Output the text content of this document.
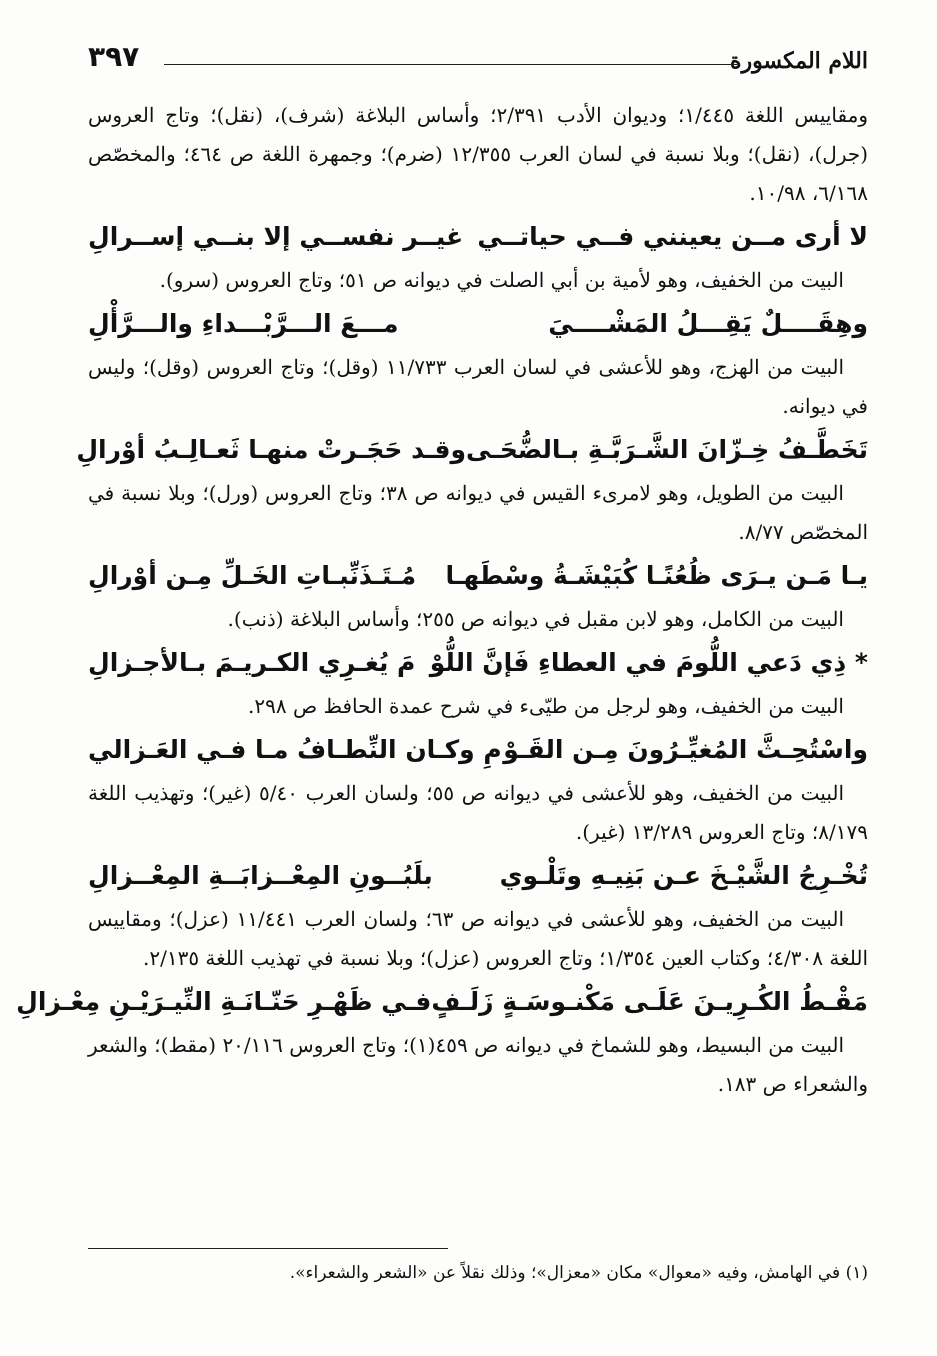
اللام المكسورة
٣٩٧

ومقاييس اللغة ١/٤٤٥؛ وديوان الأدب ٢/٣٩١؛ وأساس البلاغة (شرف)، (نقل)؛ وتاج العروس (جرل)، (نقل)؛ وبلا نسبة في لسان العرب ١٢/٣٥٥ (ضرم)؛ وجمهرة اللغة ص ٤٦٤؛ والمخصّص ٦/١٦٨، ١٠/٩٨.

لا أرى مــن يعينني فــي حياتــي
غيــر نفســي إلا بنــي إســرالِ

البيت من الخفيف، وهو لأمية بن أبي الصلت في ديوانه ص ٥١؛ وتاج العروس (سرو).

وهِقَــــلٌ يَقِـــلُ المَشْــــيَ
مـــعَ الـــرَّبْـــداءِ والـــرَّأْلِ

البيت من الهزج، وهو للأعشى في لسان العرب ١١/٧٣٣ (وقل)؛ وتاج العروس (وقل)؛ وليس في ديوانه.

تَخَطَّـفُ خِـزّانَ الشَّـرَبَّـةِ بـالضُّحَـى
وقـد حَجَـرتْ منهـا ثَعـالِـبُ أوْرالِ

البيت من الطويل، وهو لامرىء القيس في ديوانه ص ٣٨؛ وتاج العروس (ورل)؛ وبلا نسبة في المخصّص ٨/٧٧.

يـا مَـن يـرَى ظُعُنًـا كُبَيْشَـةُ وسْطَهـا
مُـتَـذَنِّبـاتِ الخَـلِّ مِـن أوْرالِ

البيت من الكامل، وهو لابن مقبل في ديوانه ص ٢٥٥؛ وأساس البلاغة (ذنب).

* ذِي دَعي اللُّومَ في العطاءِ فَإنَّ اللُّوْ
مَ يُغـرِي الكـريـمَ بـالأجـزالِ

البيت من الخفيف، وهو لرجل من طيّىء في شرح عمدة الحافظ ص ٢٩٨.

واسْتُحِـثَّ المُغيِّـرُونَ مِـن القَـوْ
مِ وكـان النِّطـافُ مـا فـي العَـزالي

البيت من الخفيف، وهو للأعشى في ديوانه ص ٥٥؛ ولسان العرب ٥/٤٠ (غير)؛ وتهذيب اللغة ٨/١٧٩؛ وتاج العروس ١٣/٢٨٩ (غير).

تُخْـرِجُ الشَّيْـخَ عـن بَنِيـهِ وتَلْـوي
بلَبُــونِ المِعْــزابَــةِ المِعْــزالِ

البيت من الخفيف، وهو للأعشى في ديوانه ص ٦٣؛ ولسان العرب ١١/٤٤١ (عزل)؛ ومقاييس اللغة ٤/٣٠٨؛ وكتاب العين ١/٣٥٤؛ وتاج العروس (عزل)؛ وبلا نسبة في تهذيب اللغة ٢/١٣٥.

مَقْـطُ الكُـرِيـنَ عَلَـى مَكْنـوسَـةٍ زَلَـفٍ
فـي ظَهْـرِ حَنّـانَـةِ النِّيـرَيْـنِ مِعْـزالِ

البيت من البسيط، وهو للشماخ في ديوانه ص ٤٥٩(١)؛ وتاج العروس ٢٠/١١٦ (مقط)؛ والشعر والشعراء ص ١٨٣.

(١) في الهامش، وفيه «معوال» مكان «معزال»؛ وذلك نقلاً عن «الشعر والشعراء».
